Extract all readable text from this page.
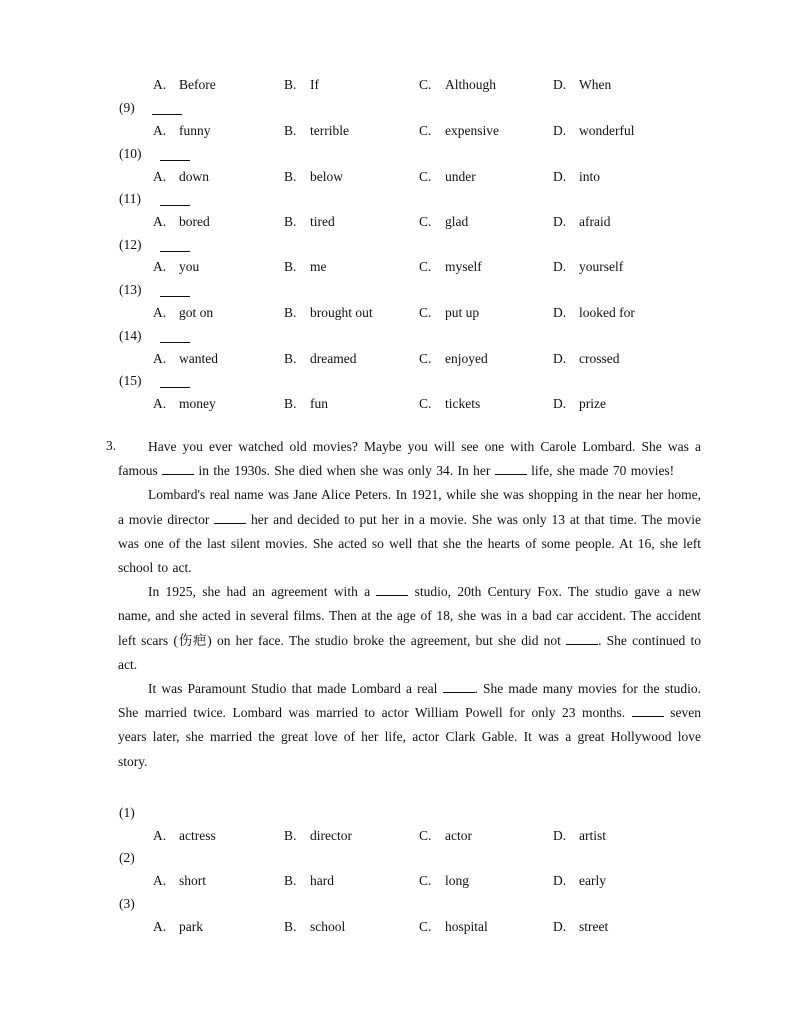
A. Before	B. If	C. Although	D. When
(9)
A. funny	B. terrible	C. expensive	D. wonderful
(10)
A. down	B. below	C. under	D. into
(11)
A. bored	B. tired	C. glad	D. afraid
(12)
A. you	B. me	C. myself	D. yourself
(13)
A. got on	B. brought out	C. put up	D. looked for
(14)
A. wanted	B. dreamed	C. enjoyed	D. crossed
(15)
A. money	B. fun	C. tickets	D. prize
3.	Have you ever watched old movies? Maybe you will see one with Carole Lombard. She was a famous  in the 1930s. She died when she was only 34. In her  life, she made 70 movies!

Lombard's real name was Jane Alice Peters. In 1921, while she was shopping in the near her home, a movie director  her and decided to put her in a movie. She was only 13 at that time. The movie was one of the last silent movies. She acted so well that she the hearts of some people. At 16, she left school to act.

In 1925, she had an agreement with a  studio, 20th Century Fox. The studio gave a new name, and she acted in several films. Then at the age of 18, she was in a bad car accident. The accident left scars (伤疤) on her face. The studio broke the agreement, but she did not . She continued to act.

It was Paramount Studio that made Lombard a real . She made many movies for the studio. She married twice. Lombard was married to actor William Powell for only 23 months.  seven years later, she married the great love of her life, actor Clark Gable. It was a great Hollywood love story.

(1)
A. actress	B. director	C. actor	D. artist
(2)
A. short	B. hard	C. long	D. early
(3)
A. park	B. school	C. hospital	D. street
